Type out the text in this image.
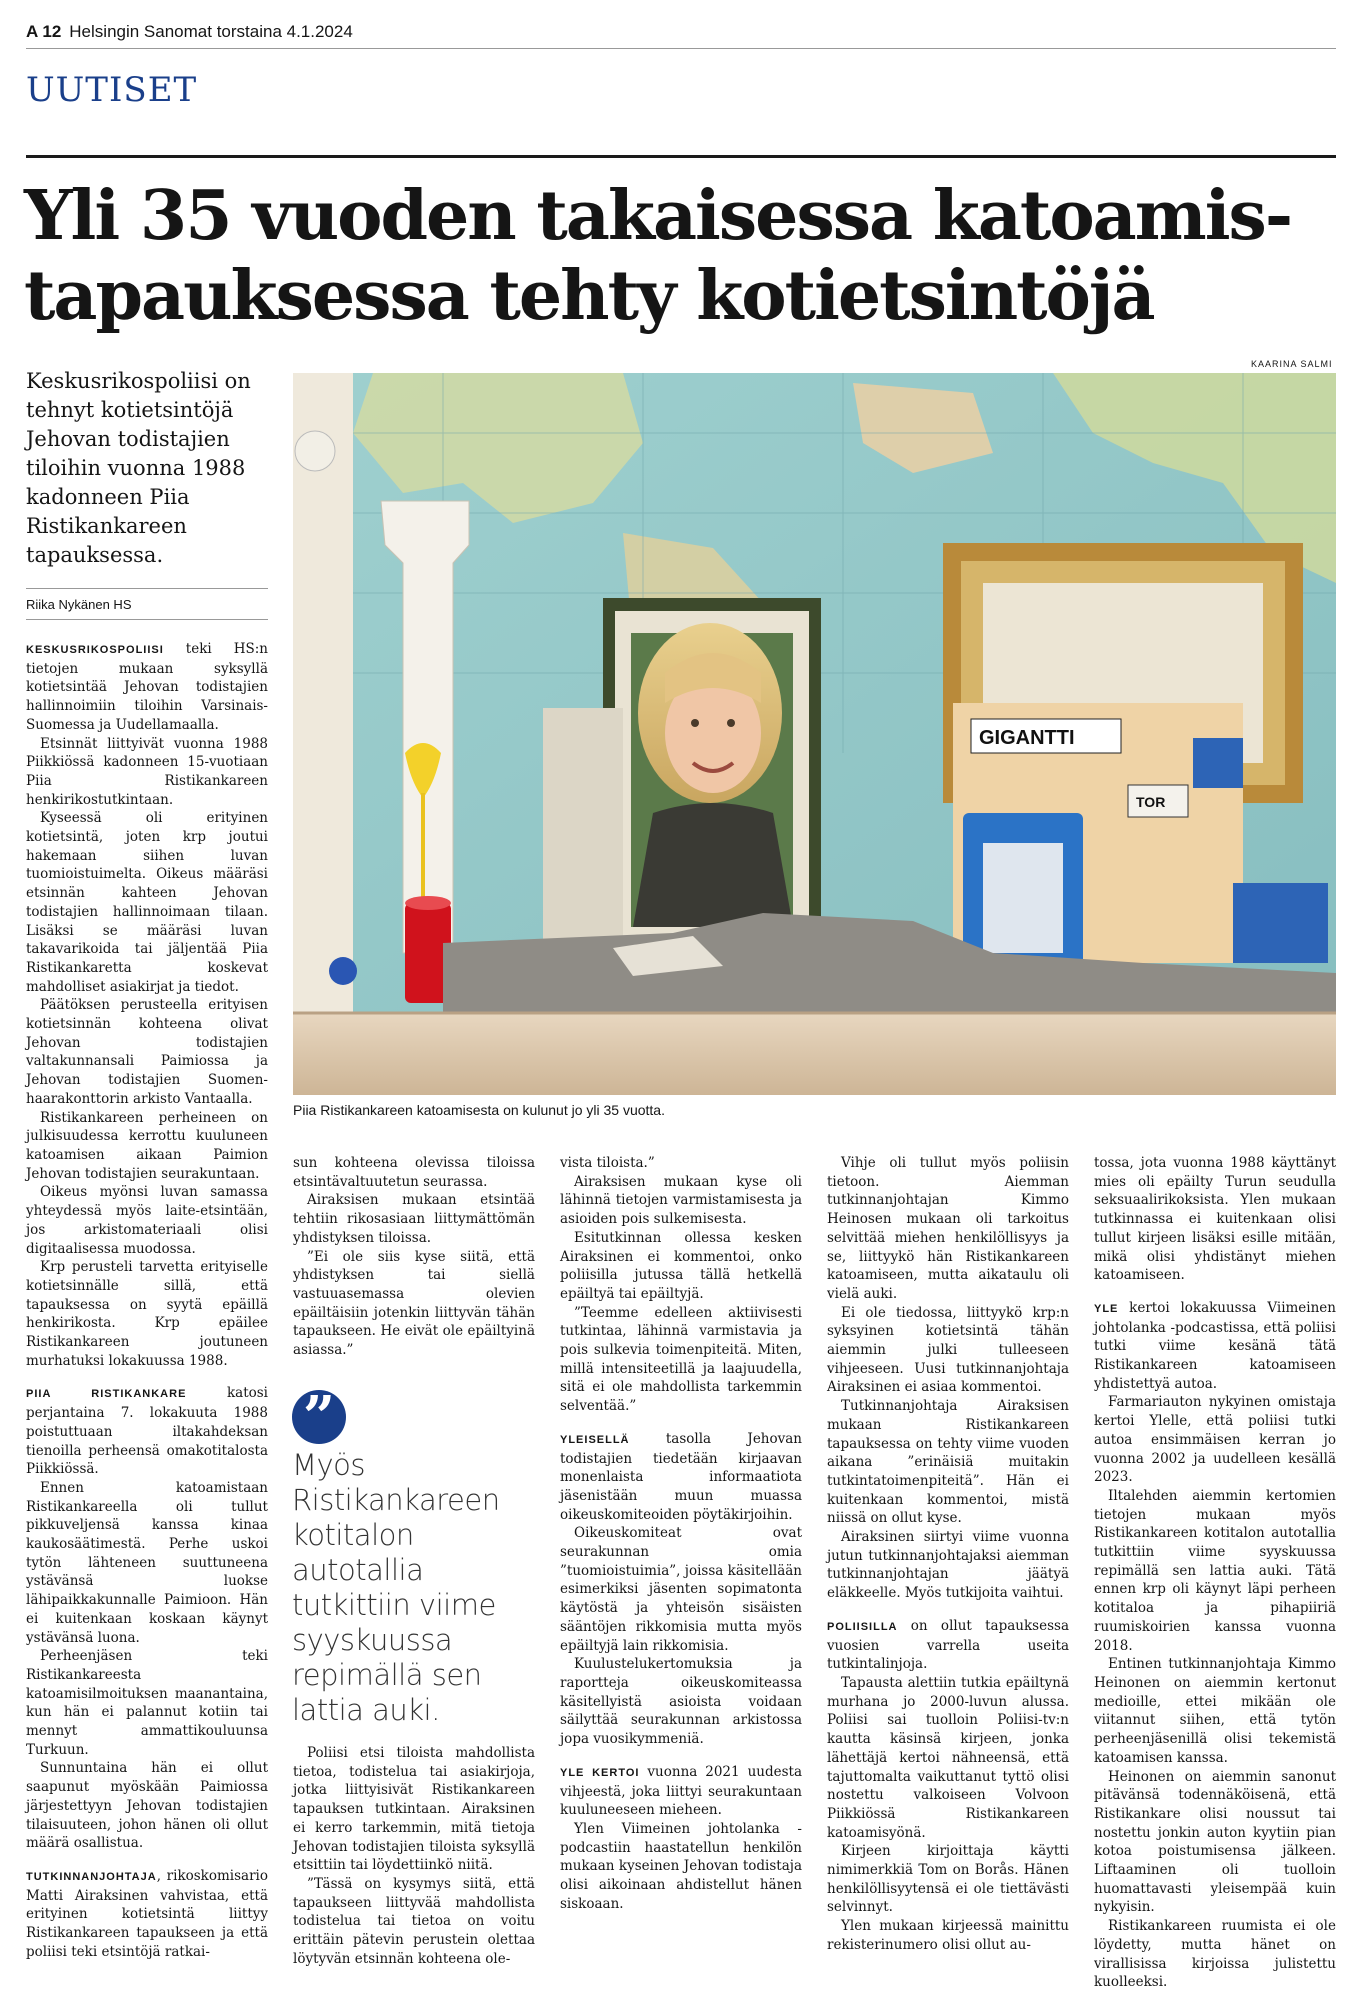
A 12 Helsingin Sanomat torstaina 4.1.2024
UUTISET
Yli 35 vuoden takaisessa katoamistapauksessa tehty kotietsintöjä

Keskusrikospoliisi on tehnyt kotietsintöjä Jehovan todistajien tiloihin vuonna 1988 kadonneen Piia Ristikankareen tapauksessa.

Riika Nykänen HS
KAARINA SALMI
GIGANTTI
TOR
Piia Ristikankareen katoamisesta on kulunut jo yli 35 vuotta.

KESKUSRIKOSPOLIISI teki HS:n tietojen mukaan syksyllä kotietsintää Jehovan todistajien hallinnoimiin tiloihin Varsinais-Suomessa ja Uudellamaalla.

Etsinnät liittyivät vuonna 1988 Piikkiössä kadonneen 15-vuotiaan Piia Ristikankareen henkirikostutkintaan.

Kyseessä oli erityinen kotietsintä, joten krp joutui hakemaan siihen luvan tuomioistuimelta. Oikeus määräsi etsinnän kahteen Jehovan todistajien hallinnoimaan tilaan. Lisäksi se määräsi luvan takavarikoida tai jäljentää Piia Ristikankaretta koskevat mahdolliset asiakirjat ja tiedot.

Päätöksen perusteella erityisen kotietsinnän kohteena olivat Jehovan todistajien valtakunnansali Paimiossa ja Jehovan todistajien Suomen-haarakonttorin arkisto Vantaalla.

Ristikankareen perheineen on julkisuudessa kerrottu kuuluneen katoamisen aikaan Paimion Jehovan todistajien seurakuntaan.

Oikeus myönsi luvan samassa yhteydessä myös laite-etsintään, jos arkistomateriaali olisi digitaalisessa muodossa.

Krp perusteli tarvetta erityiselle kotietsinnälle sillä, että tapauksessa on syytä epäillä henkirikosta. Krp epäilee Ristikankareen joutuneen murhatuksi lokakuussa 1988.

PIIA RISTIKANKARE katosi perjantaina 7. lokakuuta 1988 poistuttuaan iltakahdeksan tienoilla perheensä omakotitalosta Piikkiössä.

Ennen katoamistaan Ristikankareella oli tullut pikkuveljensä kanssa kinaa kaukosäätimestä. Perhe uskoi tytön lähteneen suuttuneena ystävänsä luokse lähipaikkakunnalle Paimioon. Hän ei kuitenkaan koskaan käynyt ystävänsä luona.

Perheenjäsen teki Ristikankareesta katoamisilmoituksen maanantaina, kun hän ei palannut kotiin tai mennyt ammattikouluunsa Turkuun.

Sunnuntaina hän ei ollut saapunut myöskään Paimiossa järjestettyyn Jehovan todistajien tilaisuuteen, johon hänen oli ollut määrä osallistua.

TUTKINNANJOHTAJA, rikoskomisario Matti Airaksinen vahvistaa, että erityinen kotietsintä liittyy Ristikankareen tapaukseen ja että poliisi teki etsintöjä ratkai-

sun kohteena olevissa tiloissa etsintävaltuutetun seurassa.

Airaksisen mukaan etsintää tehtiin rikosasiaan liittymättömän yhdistyksen tiloissa.

”Ei ole siis kyse siitä, että yhdistyksen tai siellä vastuuasemassa olevien epäiltäisiin jotenkin liittyvän tähän tapaukseen. He eivät ole epäiltyinä asiassa.”

”

Myös Ristikankareen kotitalon autotallia tutkittiin viime syyskuussa repimällä sen lattia auki.

Poliisi etsi tiloista mahdollista tietoa, todistelua tai asiakirjoja, jotka liittyisivät Ristikankareen tapauksen tutkintaan. Airaksinen ei kerro tarkemmin, mitä tietoja Jehovan todistajien tiloista syksyllä etsittiin tai löydettiinkö niitä.

”Tässä on kysymys siitä, että tapaukseen liittyvää mahdollista todistelua tai tietoa on voitu erittäin pätevin perustein olettaa löytyvän etsinnän kohteena ole-

vista tiloista.”

Airaksisen mukaan kyse oli lähinnä tietojen varmistamisesta ja asioiden pois sulkemisesta.

Esitutkinnan ollessa kesken Airaksinen ei kommentoi, onko poliisilla jutussa tällä hetkellä epäiltyä tai epäiltyjä.

”Teemme edelleen aktiivisesti tutkintaa, lähinnä varmistavia ja pois sulkevia toimenpiteitä. Miten, millä intensiteetillä ja laajuudella, sitä ei ole mahdollista tarkemmin selventää.”

YLEISELLÄ tasolla Jehovan todistajien tiedetään kirjaavan monenlaista informaatiota jäsenistään muun muassa oikeuskomiteoiden pöytäkirjoihin.

Oikeuskomiteat ovat seurakunnan omia ”tuomioistuimia”, joissa käsitellään esimerkiksi jäsenten sopimatonta käytöstä ja yhteisön sisäisten sääntöjen rikkomisia mutta myös epäiltyjä lain rikkomisia.

Kuulustelukertomuksia ja raportteja oikeuskomiteassa käsitellyistä asioista voidaan säilyttää seurakunnan arkistossa jopa vuosikymmeniä.

YLE KERTOI vuonna 2021 uudesta vihjeestä, joka liittyi seurakuntaan kuuluneeseen mieheen.

Ylen Viimeinen johtolanka -podcastiin haastatellun henkilön mukaan kyseinen Jehovan todistaja olisi aikoinaan ahdistellut hänen siskoaan.

Vihje oli tullut myös poliisin tietoon. Aiemman tutkinnanjohtajan Kimmo Heinosen mukaan oli tarkoitus selvittää miehen henkilöllisyys ja se, liittyykö hän Ristikankareen katoamiseen, mutta aikataulu oli vielä auki.

Ei ole tiedossa, liittyykö krp:n syksyinen kotietsintä tähän aiemmin julki tulleeseen vihjeeseen. Uusi tutkinnanjohtaja Airaksinen ei asiaa kommentoi.

Tutkinnanjohtaja Airaksisen mukaan Ristikankareen tapauksessa on tehty viime vuoden aikana ”erinäisiä muitakin tutkintatoimenpiteitä”. Hän ei kuitenkaan kommentoi, mistä niissä on ollut kyse.

Airaksinen siirtyi viime vuonna jutun tutkinnanjohtajaksi aiemman tutkinnanjohtajan jäätyä eläkkeelle. Myös tutkijoita vaihtui.

POLIISILLA on ollut tapauksessa vuosien varrella useita tutkintalinjoja.

Tapausta alettiin tutkia epäiltynä murhana jo 2000-luvun alussa. Poliisi sai tuolloin Poliisi-tv:n kautta käsinsä kirjeen, jonka lähettäjä kertoi nähneensä, että tajuttomalta vaikuttanut tyttö olisi nostettu valkoiseen Volvoon Piikkiössä Ristikankareen katoamisyönä.

Kirjeen kirjoittaja käytti nimimerkkiä Tom on Borås. Hänen henkilöllisyytensä ei ole tiettävästi selvinnyt.

Ylen mukaan kirjeessä mainittu rekisterinumero olisi ollut au-

tossa, jota vuonna 1988 käyttänyt mies oli epäilty Turun seudulla seksuaalirikoksista. Ylen mukaan tutkinnassa ei kuitenkaan olisi tullut kirjeen lisäksi esille mitään, mikä olisi yhdistänyt miehen katoamiseen.

YLE kertoi lokakuussa Viimeinen johtolanka -podcastissa, että poliisi tutki viime kesänä tätä Ristikankareen katoamiseen yhdistettyä autoa.

Farmariauton nykyinen omistaja kertoi Ylelle, että poliisi tutki autoa ensimmäisen kerran jo vuonna 2002 ja uudelleen kesällä 2023.

Iltalehden aiemmin kertomien tietojen mukaan myös Ristikankareen kotitalon autotallia tutkittiin viime syyskuussa repimällä sen lattia auki. Tätä ennen krp oli käynyt läpi perheen kotitaloa ja pihapiiriä ruumiskoirien kanssa vuonna 2018.

Entinen tutkinnanjohtaja Kimmo Heinonen on aiemmin kertonut medioille, ettei mikään ole viitannut siihen, että tytön perheenjäsenillä olisi tekemistä katoamisen kanssa.

Heinonen on aiemmin sanonut pitävänsä todennäköisenä, että Ristikankare olisi noussut tai nostettu jonkin auton kyytiin pian kotoa poistumisensa jälkeen. Liftaaminen oli tuolloin huomattavasti yleisempää kuin nykyisin.

Ristikankareen ruumista ei ole löydetty, mutta hänet on virallisissa kirjoissa julistettu kuolleeksi.
